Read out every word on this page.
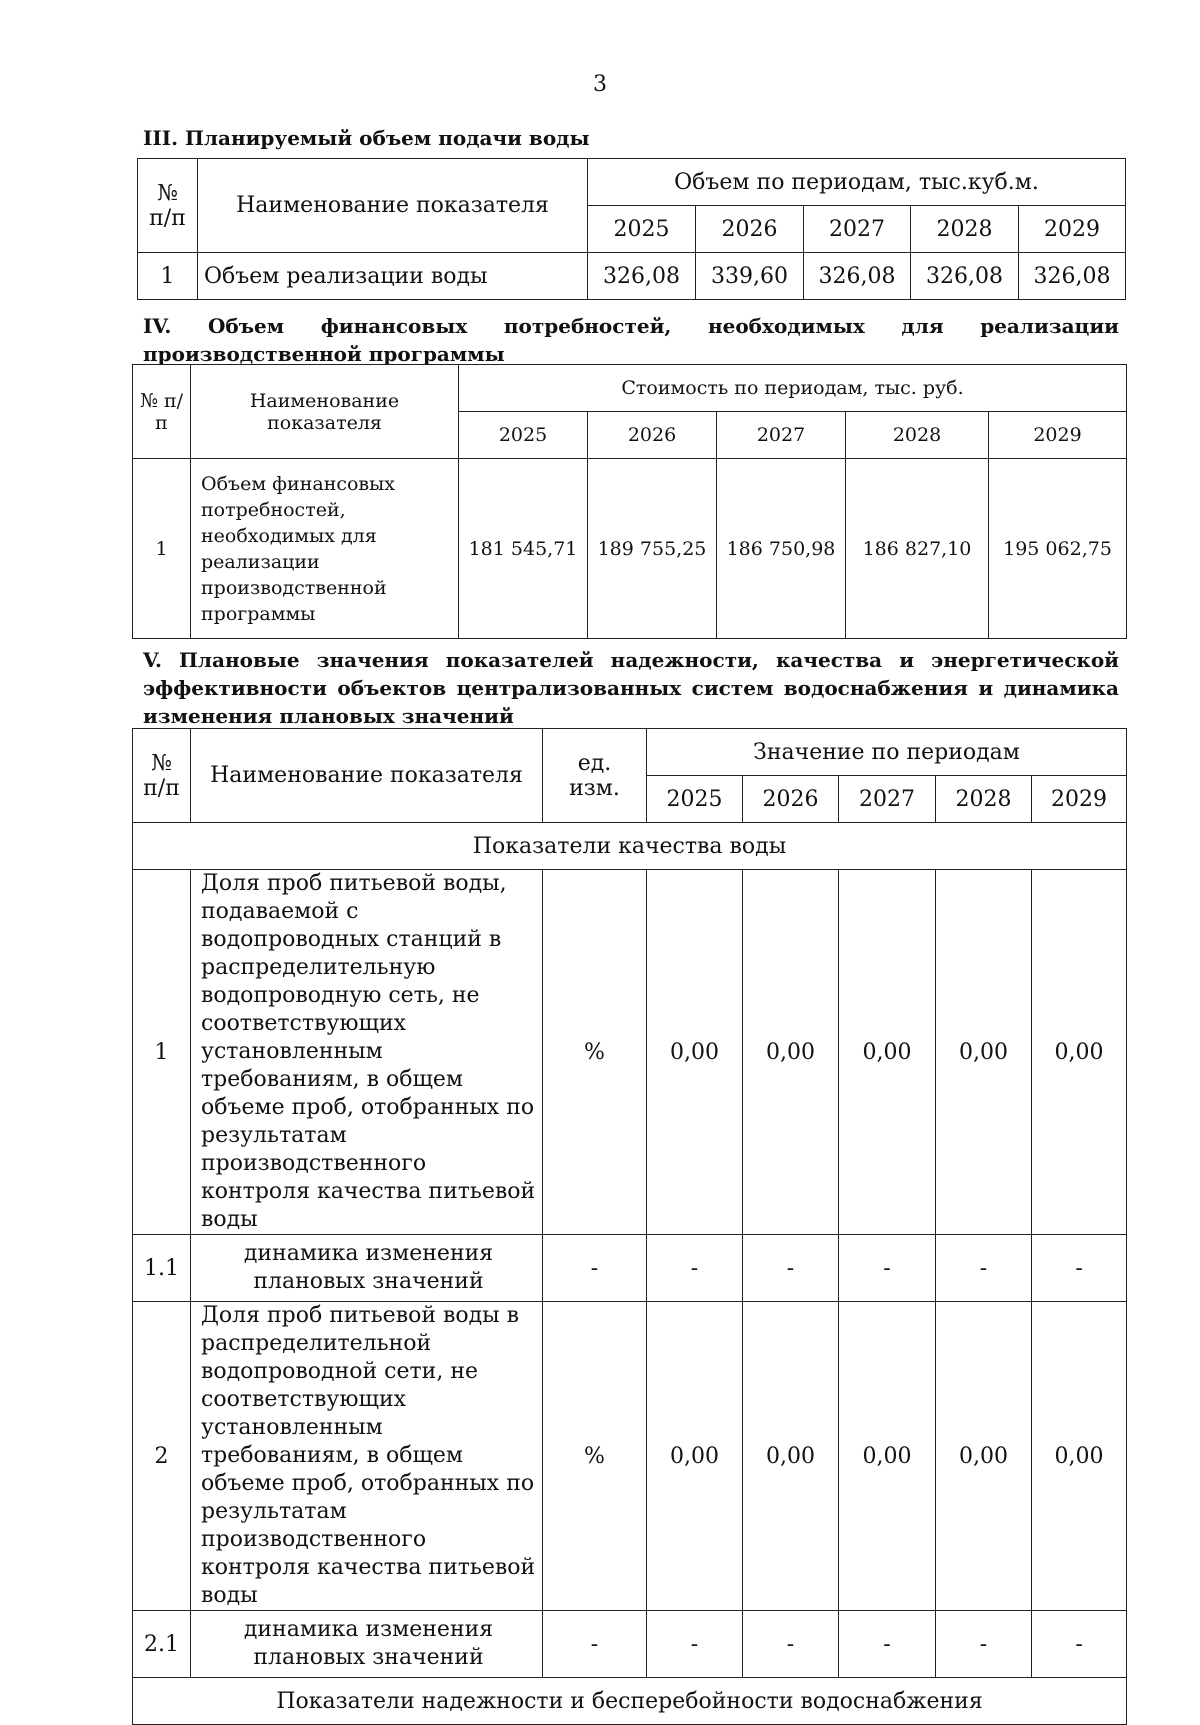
3
III. Планируемый объем подачи воды
№ п/п	Наименование показателя	Объем по периодам, тыс.куб.м.				
		2025	2026	2027	2028	2029
1	Объем реализации воды	326,08	339,60	326,08	326,08	326,08
IV. Объем финансовых потребностей, необходимых для реализации производственной программы
№ п/п	Наименование показателя	Стоимость по периодам, тыс. руб.				
		2025	2026	2027	2028	2029
1	Объем финансовых потребностей, необходимых для реализации производственной программы	181 545,71	189 755,25	186 750,98	186 827,10	195 062,75
V. Плановые значения показателей надежности, качества и энергетической эффективности объектов централизованных систем водоснабжения и динамика изменения плановых значений
№ п/п	Наименование показателя	ед. изм.	Значение по периодам				
			2025	2026	2027	2028	2029
Показатели качества воды							
1	Доля проб питьевой воды, подаваемой с водопроводных станций в распределительную водопроводную сеть, не соответствующих установленным требованиям, в общем объеме проб, отобранных по результатам производственного контроля качества питьевой воды	%	0,00	0,00	0,00	0,00	0,00
1.1	динамика изменения плановых значений	-	-	-	-	-	-
2	Доля проб питьевой воды в распределительной водопроводной сети, не соответствующих установленным требованиям, в общем объеме проб, отобранных по результатам производственного контроля качества питьевой воды	%	0,00	0,00	0,00	0,00	0,00
2.1	динамика изменения плановых значений	-	-	-	-	-	-
Показатели надежности и бесперебойности водоснабжения							
